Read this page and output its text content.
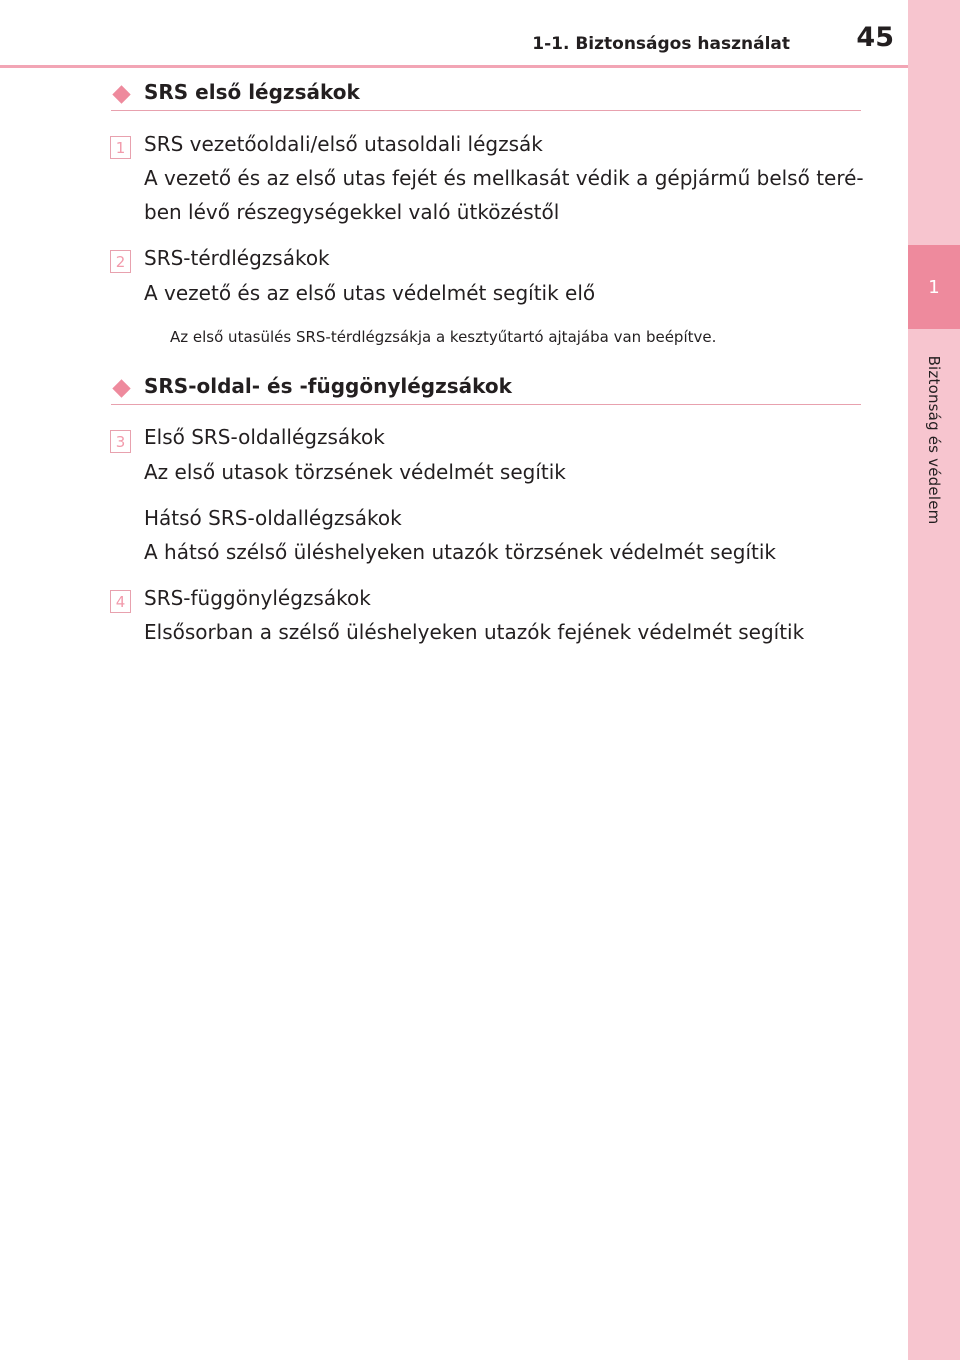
1
Biztonság és védelem
1-1. Biztonságos használat 45
SRS első légzsákok
1 SRS vezetőoldali/első utasoldali légzsák
A vezető és az első utas fejét és mellkasát védik a gépjármű belső teré-
ben lévő részegységekkel való ütközéstől
2 SRS-térdlégzsákok
A vezető és az első utas védelmét segítik elő
Az első utasülés SRS-térdlégzsákja a kesztyűtartó ajtajába van beépítve.
SRS-oldal- és -függönylégzsákok
3 Első SRS-oldallégzsákok
Az első utasok törzsének védelmét segítik
Hátsó SRS-oldallégzsákok
A hátsó szélső üléshelyeken utazók törzsének védelmét segítik
4 SRS-függönylégzsákok
Elsősorban a szélső üléshelyeken utazók fejének védelmét segítik
